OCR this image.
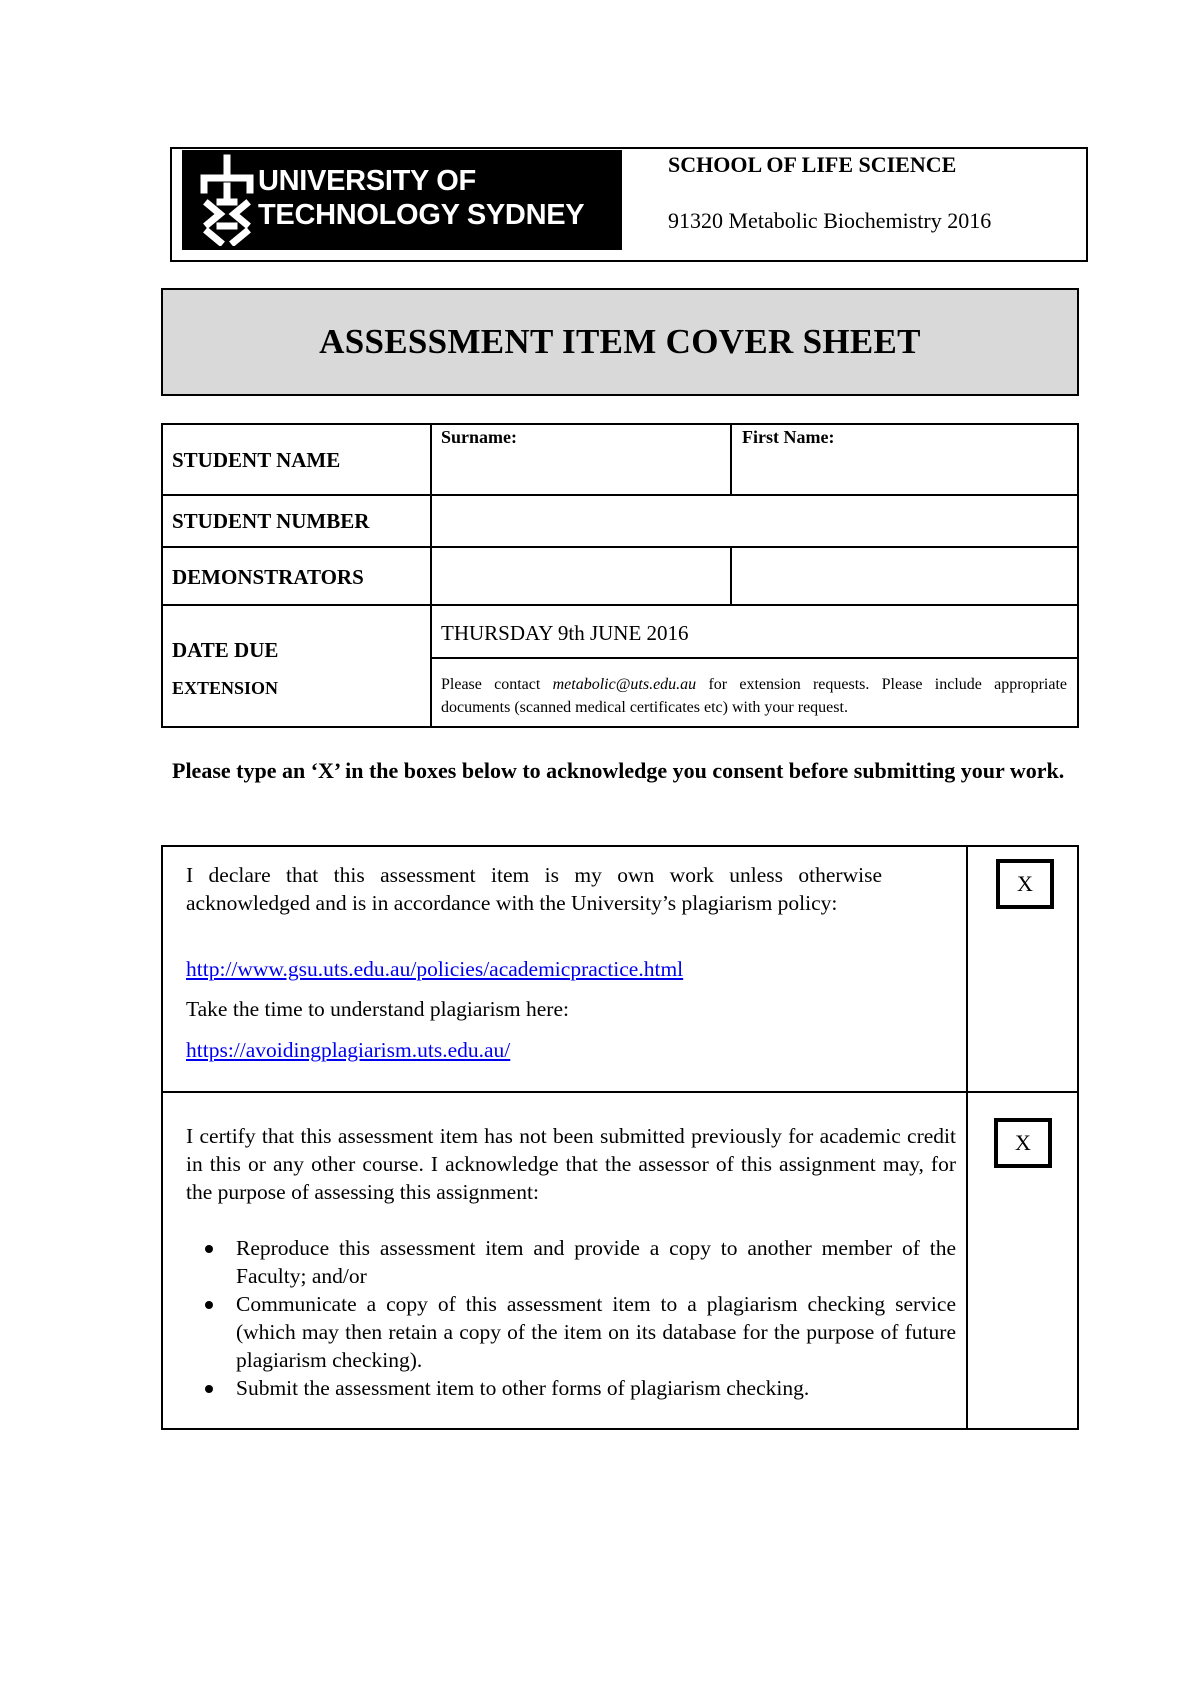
UNIVERSITY OF
TECHNOLOGY SYDNEY
SCHOOL OF LIFE SCIENCE
91320 Metabolic Biochemistry 2016
ASSESSMENT ITEM COVER SHEET
STUDENT NAME
Surname:	First Name:
STUDENT NUMBER
DEMONSTRATORS
DATE DUE
THURSDAY 9th JUNE 2016
EXTENSION	Please contact metabolic@uts.edu.au for extension requests. Please include appropriate documents (scanned medical certificates etc) with your request.
Please type an ‘X’ in the boxes below to acknowledge you consent before submitting your work.
I declare that this assessment item is my own work unless otherwise acknowledged and is in accordance with the University’s plagiarism policy:
http://www.gsu.uts.edu.au/policies/academicpractice.html
Take the time to understand plagiarism here:
https://avoidingplagiarism.uts.edu.au/
X
I certify that this assessment item has not been submitted previously for academic credit in this or any other course. I acknowledge that the assessor of this assignment may, for the purpose of assessing this assignment:
Reproduce this assessment item and provide a copy to another member of the Faculty; and/or
Communicate a copy of this assessment item to a plagiarism checking service (which may then retain a copy of the item on its database for the purpose of future plagiarism checking).
Submit the assessment item to other forms of plagiarism checking.
X
